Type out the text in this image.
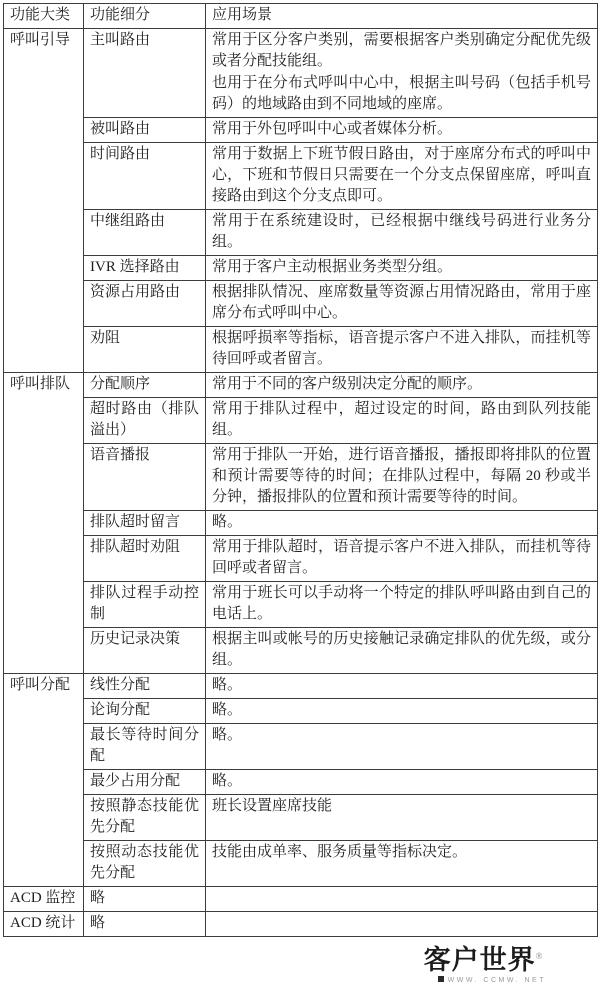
功能大类	功能细分	应用场景
呼叫引导	主叫路由	常用于区分客户类别，需要根据客户类别确定分配优先级或者分配技能组。
也用于在分布式呼叫中心中，根据主叫号码（包括手机号码）的地域路由到不同地域的座席。

	被叫路由	常用于外包呼叫中心或者媒体分析。

	时间路由	常用于数据上下班节假日路由，对于座席分布式的呼叫中心，下班和节假日只需要在一个分支点保留座席，呼叫直接路由到这个分支点即可。

	中继组路由	常用于在系统建设时，已经根据中继线号码进行业务分组。

	IVR 选择路由	常用于客户主动根据业务类型分组。

	资源占用路由	根据排队情况、座席数量等资源占用情况路由，常用于座席分布式呼叫中心。

	劝阻	根据呼损率等指标，语音提示客户不进入排队，而挂机等待回呼或者留言。

呼叫排队	分配顺序	常用于不同的客户级别决定分配的顺序。

	超时路由（排队溢出）	常用于排队过程中，超过设定的时间，路由到队列技能组。

	语音播报	常用于排队一开始，进行语音播报，播报即将排队的位置和预计需要等待的时间；在排队过程中，每隔 20 秒或半分钟，播报排队的位置和预计需要等待的时间。

	排队超时留言	略。

	排队超时劝阻	常用于排队超时，语音提示客户不进入排队，而挂机等待回呼或者留言。

	排队过程手动控制	常用于班长可以手动将一个特定的排队呼叫路由到自己的电话上。

	历史记录决策	根据主叫或帐号的历史接触记录确定排队的优先级，或分组。

呼叫分配	线性分配	略。

	论询分配	略。

	最长等待时间分配	略。

	最少占用分配	略。

	按照静态技能优先分配	班长设置座席技能

	按照动态技能优先分配	技能由成单率、服务质量等指标决定。

ACD 监控	略	
ACD 统计	略	
客户世界®
WWW. CCMW. NET
